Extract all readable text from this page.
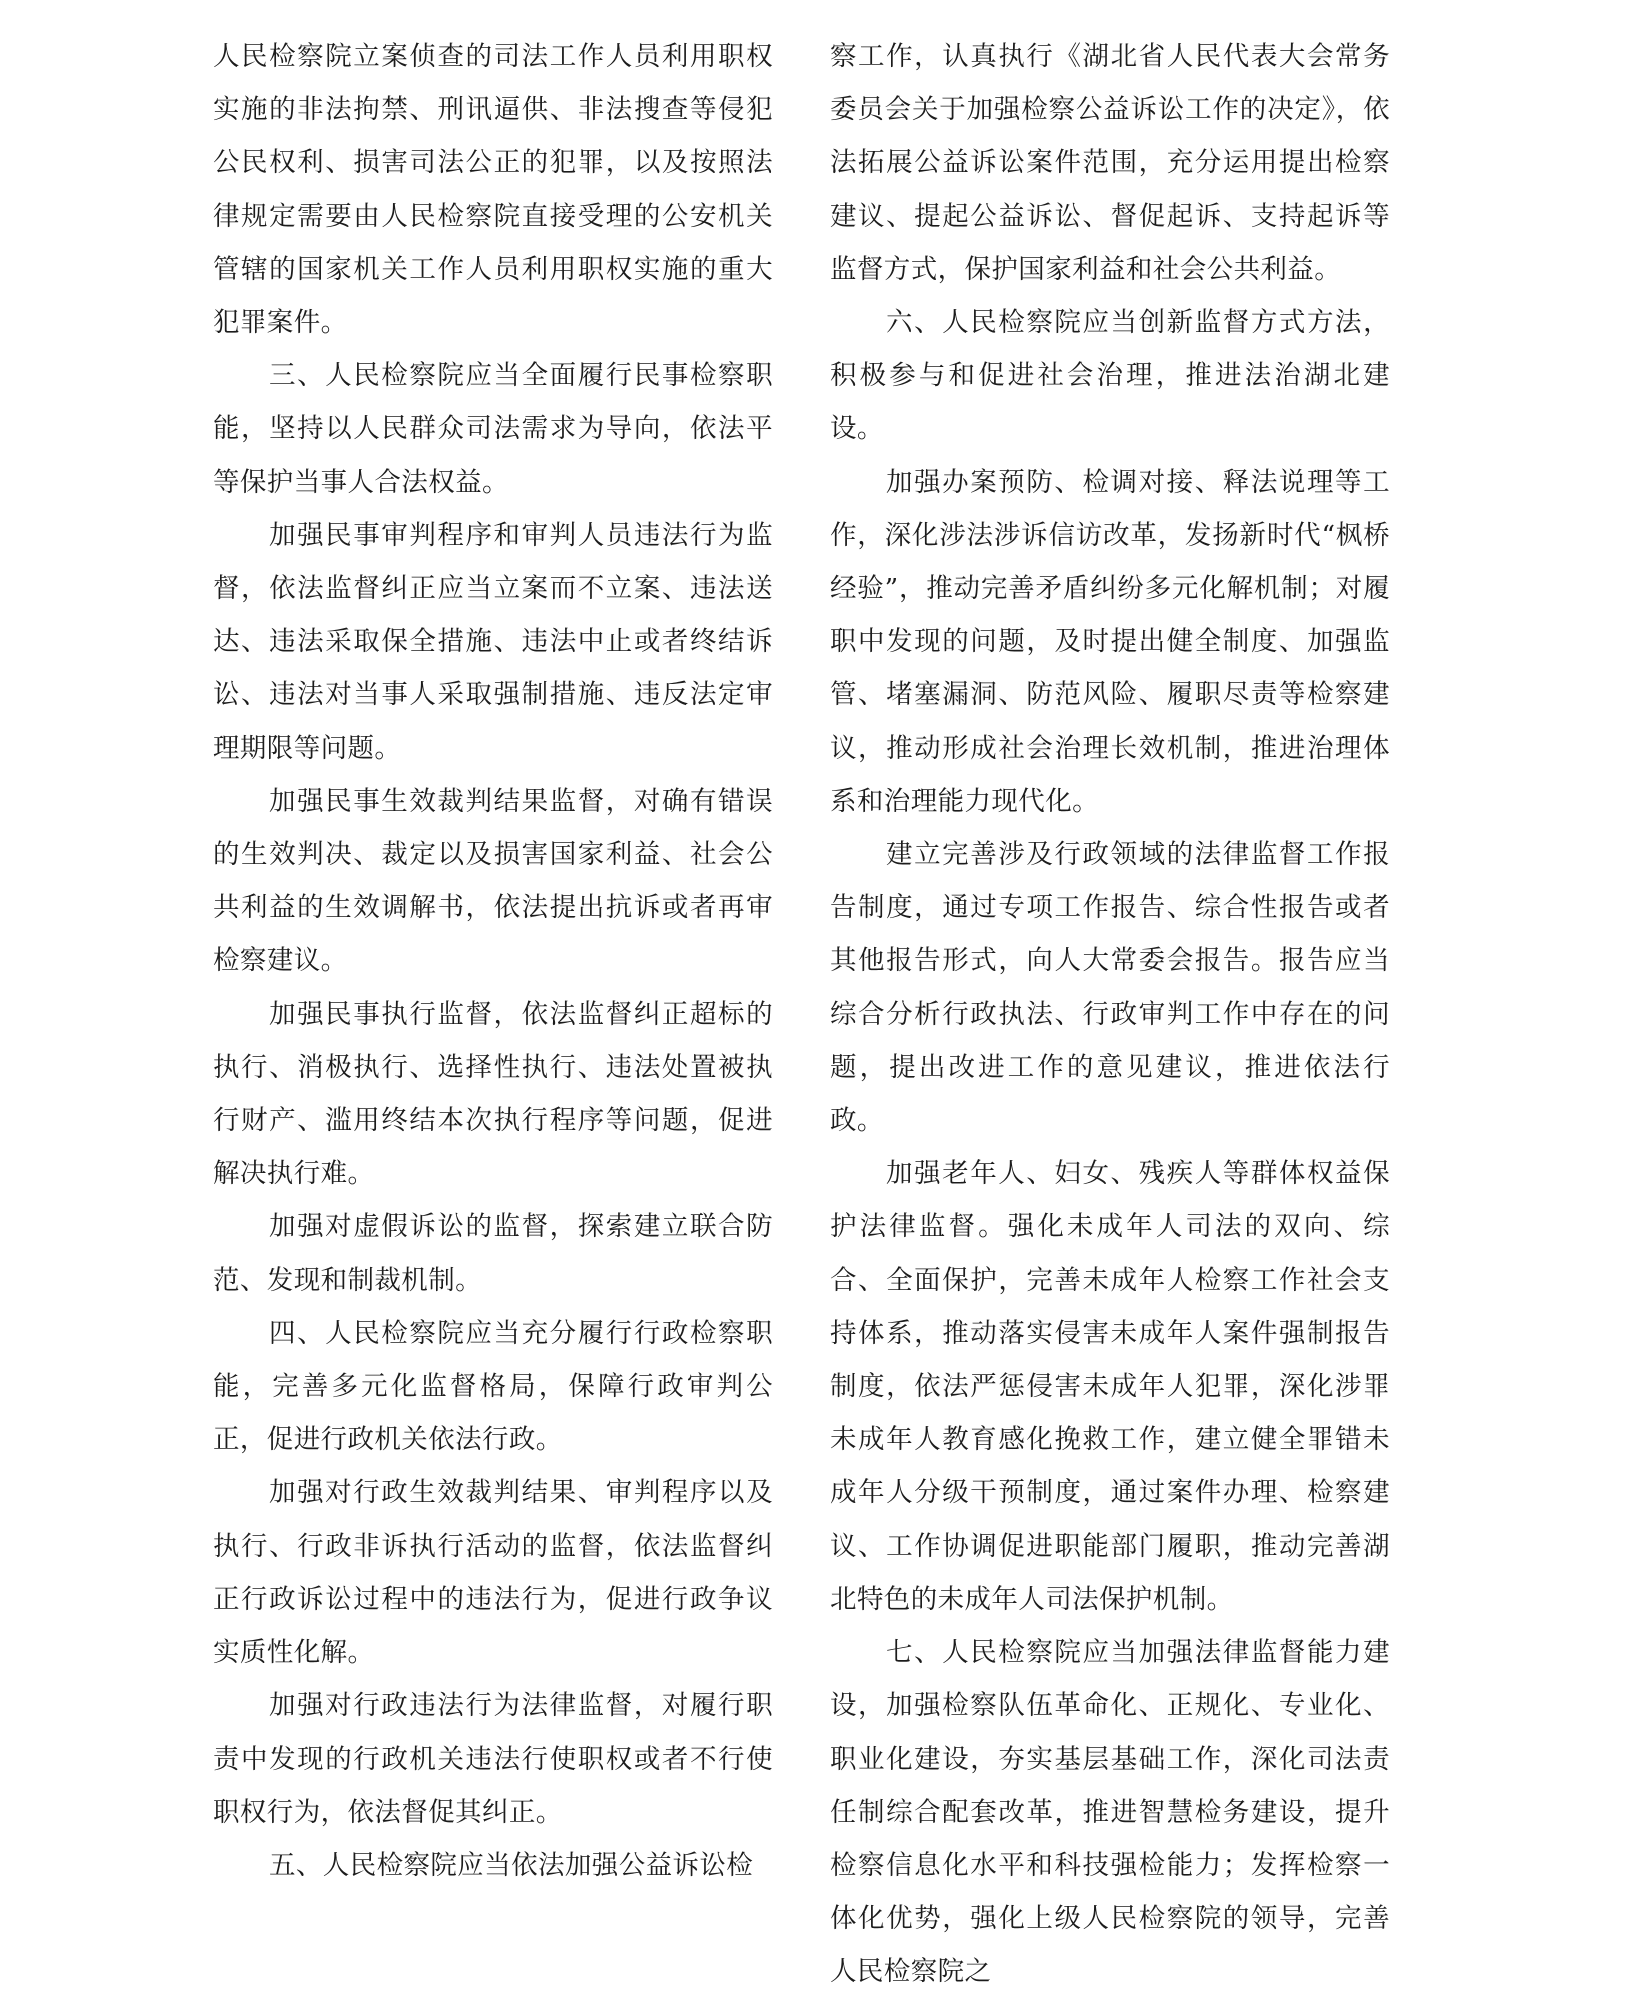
人民检察院立案侦查的司法工作人员利用职权实施的非法拘禁、刑讯逼供、非法搜查等侵犯公民权利、损害司法公正的犯罪，以及按照法律规定需要由人民检察院直接受理的公安机关管辖的国家机关工作人员利用职权实施的重大犯罪案件。

三、人民检察院应当全面履行民事检察职能，坚持以人民群众司法需求为导向，依法平等保护当事人合法权益。

加强民事审判程序和审判人员违法行为监督，依法监督纠正应当立案而不立案、违法送达、违法采取保全措施、违法中止或者终结诉讼、违法对当事人采取强制措施、违反法定审理期限等问题。

加强民事生效裁判结果监督，对确有错误的生效判决、裁定以及损害国家利益、社会公共利益的生效调解书，依法提出抗诉或者再审检察建议。

加强民事执行监督，依法监督纠正超标的执行、消极执行、选择性执行、违法处置被执行财产、滥用终结本次执行程序等问题，促进解决执行难。

加强对虚假诉讼的监督，探索建立联合防范、发现和制裁机制。

四、人民检察院应当充分履行行政检察职能，完善多元化监督格局，保障行政审判公正，促进行政机关依法行政。

加强对行政生效裁判结果、审判程序以及执行、行政非诉执行活动的监督，依法监督纠正行政诉讼过程中的违法行为，促进行政争议实质性化解。

加强对行政违法行为法律监督，对履行职责中发现的行政机关违法行使职权或者不行使职权行为，依法督促其纠正。

五、人民检察院应当依法加强公益诉讼检

察工作，认真执行《湖北省人民代表大会常务委员会关于加强检察公益诉讼工作的决定》，依法拓展公益诉讼案件范围，充分运用提出检察建议、提起公益诉讼、督促起诉、支持起诉等监督方式，保护国家利益和社会公共利益。

六、人民检察院应当创新监督方式方法，积极参与和促进社会治理，推进法治湖北建设。

加强办案预防、检调对接、释法说理等工作，深化涉法涉诉信访改革，发扬新时代“枫桥经验”，推动完善矛盾纠纷多元化解机制；对履职中发现的问题，及时提出健全制度、加强监管、堵塞漏洞、防范风险、履职尽责等检察建议，推动形成社会治理长效机制，推进治理体系和治理能力现代化。

建立完善涉及行政领域的法律监督工作报告制度，通过专项工作报告、综合性报告或者其他报告形式，向人大常委会报告。报告应当综合分析行政执法、行政审判工作中存在的问题，提出改进工作的意见建议，推进依法行政。

加强老年人、妇女、残疾人等群体权益保护法律监督。强化未成年人司法的双向、综合、全面保护，完善未成年人检察工作社会支持体系，推动落实侵害未成年人案件强制报告制度，依法严惩侵害未成年人犯罪，深化涉罪未成年人教育感化挽救工作，建立健全罪错未成年人分级干预制度，通过案件办理、检察建议、工作协调促进职能部门履职，推动完善湖北特色的未成年人司法保护机制。

七、人民检察院应当加强法律监督能力建设，加强检察队伍革命化、正规化、专业化、职业化建设，夯实基层基础工作，深化司法责任制综合配套改革，推进智慧检务建设，提升检察信息化水平和科技强检能力；发挥检察一体化优势，强化上级人民检察院的领导，完善人民检察院之
